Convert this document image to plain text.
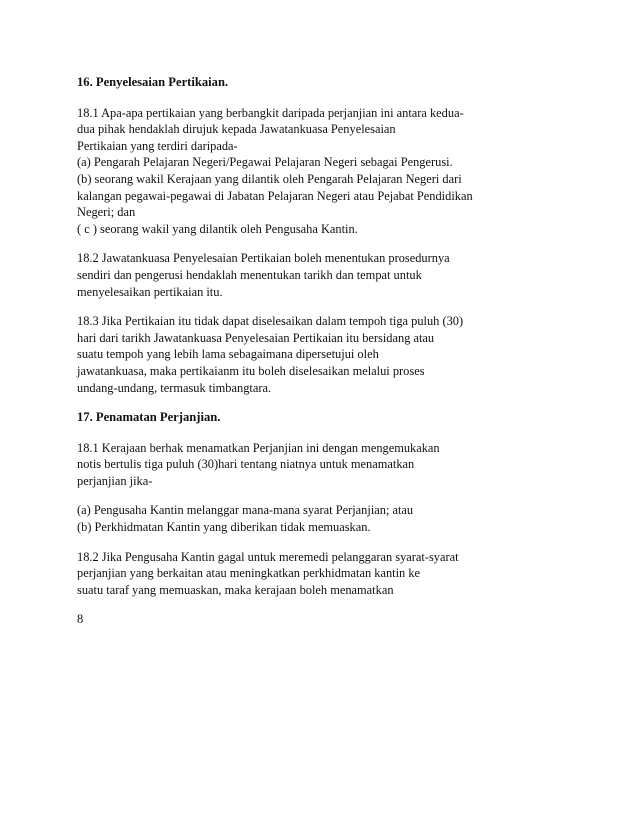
16. Penyelesaian Pertikaian.
18.1 Apa-apa pertikaian yang berbangkit daripada perjanjian ini antara kedua-
dua pihak hendaklah dirujuk kepada Jawatankuasa Penyelesaian
Pertikaian yang terdiri daripada-
(a) Pengarah Pelajaran Negeri/Pegawai Pelajaran Negeri sebagai Pengerusi.
(b) seorang wakil Kerajaan yang dilantik oleh Pengarah Pelajaran Negeri dari
kalangan pegawai-pegawai di Jabatan Pelajaran Negeri atau Pejabat Pendidikan
Negeri; dan
( c ) seorang wakil yang dilantik oleh Pengusaha Kantin.
18.2 Jawatankuasa Penyelesaian Pertikaian boleh menentukan prosedurnya
sendiri dan pengerusi hendaklah menentukan tarikh dan tempat untuk
menyelesaikan pertikaian itu.
18.3 Jika Pertikaian itu tidak dapat diselesaikan dalam tempoh tiga puluh (30)
hari dari tarikh Jawatankuasa Penyelesaian Pertikaian itu bersidang atau
suatu tempoh yang lebih lama sebagaimana dipersetujui oleh
jawatankuasa, maka pertikaianm itu boleh diselesaikan melalui proses
undang-undang, termasuk timbangtara.
17. Penamatan Perjanjian.
18.1 Kerajaan berhak menamatkan Perjanjian ini dengan mengemukakan
notis bertulis tiga puluh (30)hari tentang niatnya untuk menamatkan
perjanjian jika-
(a) Pengusaha Kantin melanggar mana-mana syarat Perjanjian; atau
(b) Perkhidmatan Kantin yang diberikan tidak memuaskan.
18.2 Jika Pengusaha Kantin gagal untuk meremedi pelanggaran syarat-syarat
perjanjian yang berkaitan atau meningkatkan perkhidmatan kantin ke
suatu taraf yang memuaskan, maka kerajaan boleh menamatkan
8
